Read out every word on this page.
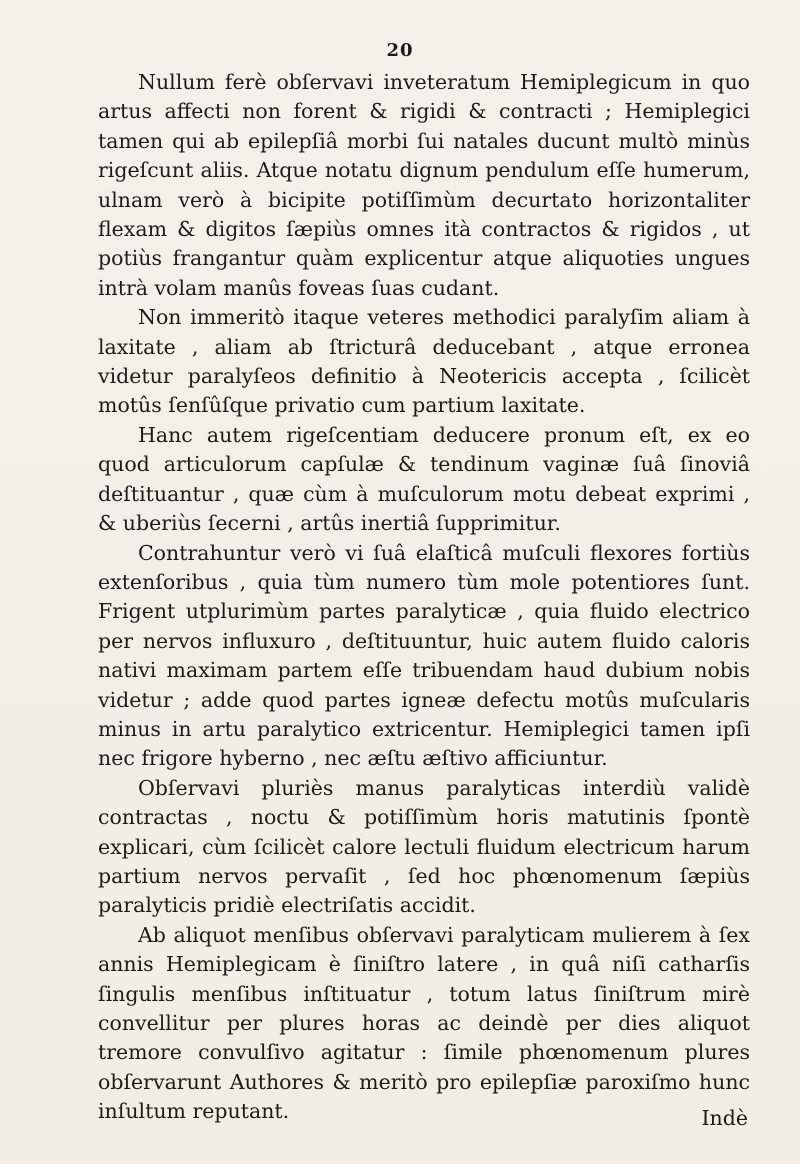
20

Nullum ferè obſervavi inveteratum Hemiplegicum in quo artus affecti non forent & rigidi & contracti ; Hemiplegici tamen qui ab epilepſiâ morbi ſui natales ducunt multò minùs rigeſcunt aliis. Atque notatu dignum pendulum eſſe humerum, ulnam verò à bicipite potiſſimùm decurtato horizontaliter flexam & digitos ſæpiùs omnes ità contractos & rigidos , ut potiùs frangantur quàm explicentur atque aliquoties ungues intrà volam manûs foveas ſuas cudant.

Non immeritò itaque veteres methodici paralyſim aliam à laxitate , aliam ab ſtricturâ deducebant , atque erronea videtur paralyſeos definitio à Neotericis accepta , ſcilicèt motûs ſenſûſque privatio cum partium laxitate.

Hanc autem rigeſcentiam deducere pronum eſt, ex eo quod articulorum capſulæ & tendinum vaginæ ſuâ ſinoviâ deſtituantur , quæ cùm à muſculorum motu debeat exprimi , & uberiùs ſecerni , artûs inertiâ ſupprimitur.

Contrahuntur verò vi ſuâ elaſticâ muſculi flexores fortiùs extenſoribus , quia tùm numero tùm mole potentiores ſunt. Frigent utplurimùm partes paralyticæ , quia fluido electrico per nervos influxuro , deſtituuntur, huic autem fluido caloris nativi maximam partem eſſe tribuendam haud dubium nobis videtur ; adde quod partes igneæ defectu motûs muſcularis minus in artu paralytico extricentur. Hemiplegici tamen ipſi nec frigore hyberno , nec æſtu æſtivo afficiuntur.

Obſervavi pluriès manus paralyticas interdiù validè contractas , noctu & potiſſimùm horis matutinis ſpontè explicari, cùm ſcilicèt calore lectuli fluidum electricum harum partium nervos pervaſit , ſed hoc phœnomenum ſæpiùs paralyticis pridiè electriſatis accidit.

Ab aliquot menſibus obſervavi paralyticam mulierem à ſex annis Hemiplegicam è ſiniſtro latere , in quâ niſi catharſis ſingulis menſibus inſtituatur , totum latus ſiniſtrum mirè convellitur per plures horas ac deindè per dies aliquot tremore convulſivo agitatur : ſimile phœnomenum plures obſervarunt Authores & meritò pro epilepſiæ paroxiſmo hunc inſultum reputant.	Indè
